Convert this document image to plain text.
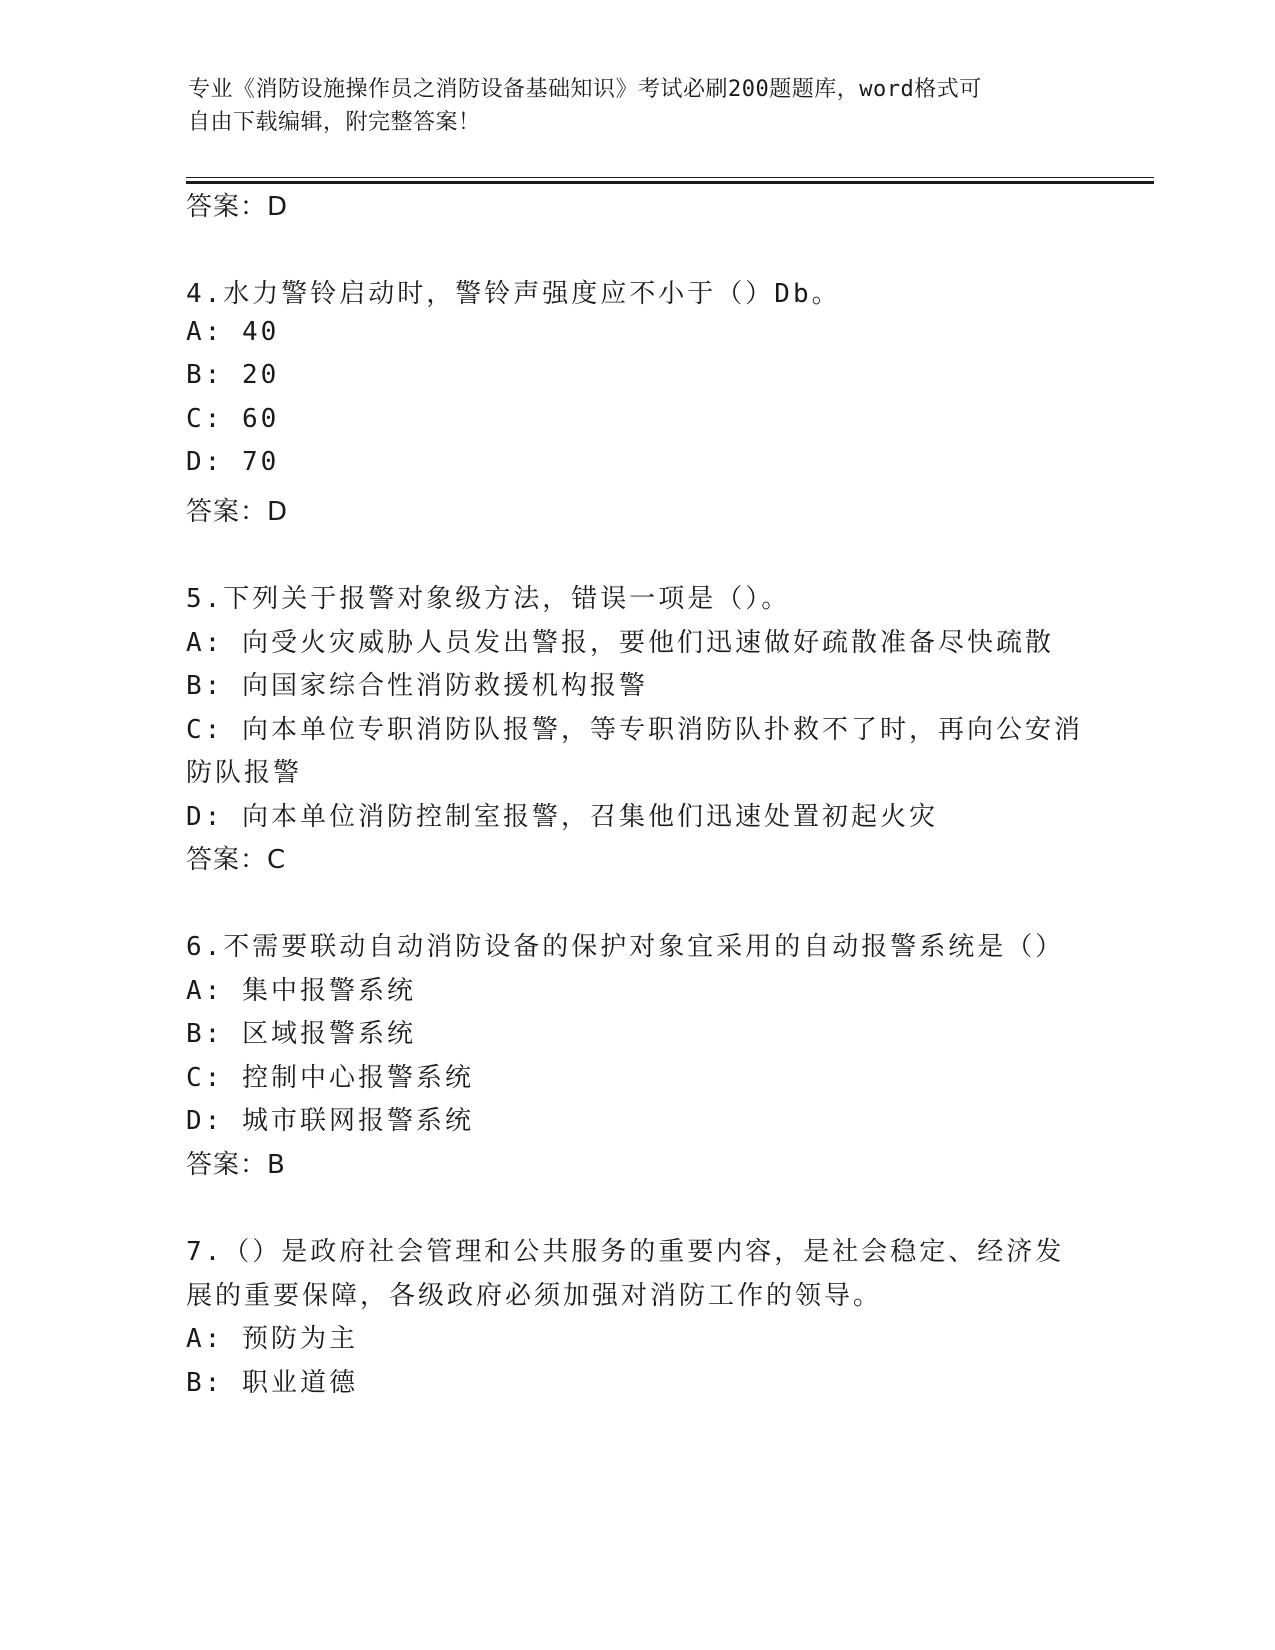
专业《消防设施操作员之消防设备基础知识》考试必刷200题题库，word格式可
自由下载编辑，附完整答案！
答案：D
4.水力警铃启动时，警铃声强度应不小于（）Db。
A: 40
B: 20
C: 60
D: 70
答案：D
5.下列关于报警对象级方法，错误一项是（）。
A: 向受火灾威胁人员发出警报，要他们迅速做好疏散准备尽快疏散
B: 向国家综合性消防救援机构报警
C: 向本单位专职消防队报警，等专职消防队扑救不了时，再向公安消
防队报警
D: 向本单位消防控制室报警，召集他们迅速处置初起火灾
答案：C
6.不需要联动自动消防设备的保护对象宜采用的自动报警系统是（）
A: 集中报警系统
B: 区域报警系统
C: 控制中心报警系统
D: 城市联网报警系统
答案：B
7.（）是政府社会管理和公共服务的重要内容，是社会稳定、经济发
展的重要保障，各级政府必须加强对消防工作的领导。
A: 预防为主
B: 职业道德
